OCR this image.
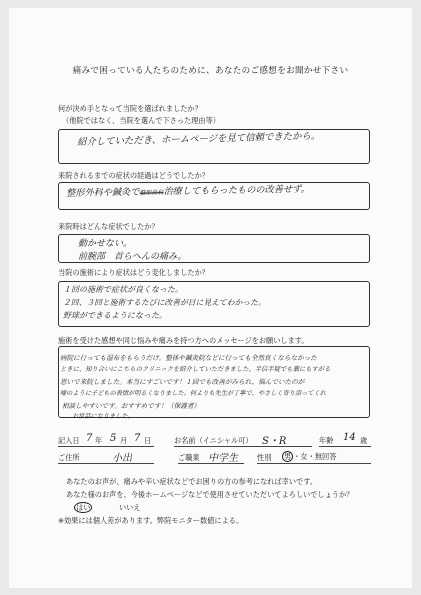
痛みで困っている人たちのために、あなたのご感想をお聞かせ下さい
何が決め手となって当院を選ばれましたか？
（他院ではなく、当院を選んで下さった理由等）
紹介していただき、ホームページを見て信頼できたから。
来院されるまでの症状の経過はどうでしたか？
整形外科や鍼灸で整形外科治療してもらったものの改善せず。
来院時はどんな症状でしたか？
動かせない。
前腕部　首らへんの痛み。
当院の施術により症状はどう変化しましたか？
１回の施術で症状が良くなった。
２回、３回と施術するたびに改善が目に見えてわかった。
野球ができるようになった。
施術を受けた感想や同じ悩みや痛みを持つ方へのメッセージをお願いします。
病院に行っても湿布をもらうだけ。整体や鍼灸院などに行っても全然良くならなかった
ときに、知り合いにこちらのクリニックを紹介していただきました。半信半疑でも藁にもすがる
思いで来院しました。本当にすごいです！１回でも改善がみられ、悩んでいたのが
嘘のように子どもの表情が明るくなりました。何よりも先生が丁寧で、やさしく寄り添ってくれ
相談しやすいです。おすすめです！（保護者）
お世話になりました。
記入日 7 年 5 月 7 日	お名前（イニシャル可） S・R	年齢 14 歳
ご住所	小出	ご職業 中学生	性別 男 ・女・無回答
あなたのお声が、痛みや辛い症状などでお困りの方の参考になれば幸いです。
あなた様のお声を、今後ホームページなどで使用させていただいてよろしいでしょうか？
はい	いいえ
※効果には個人差があります。弊院モニター数値による。
